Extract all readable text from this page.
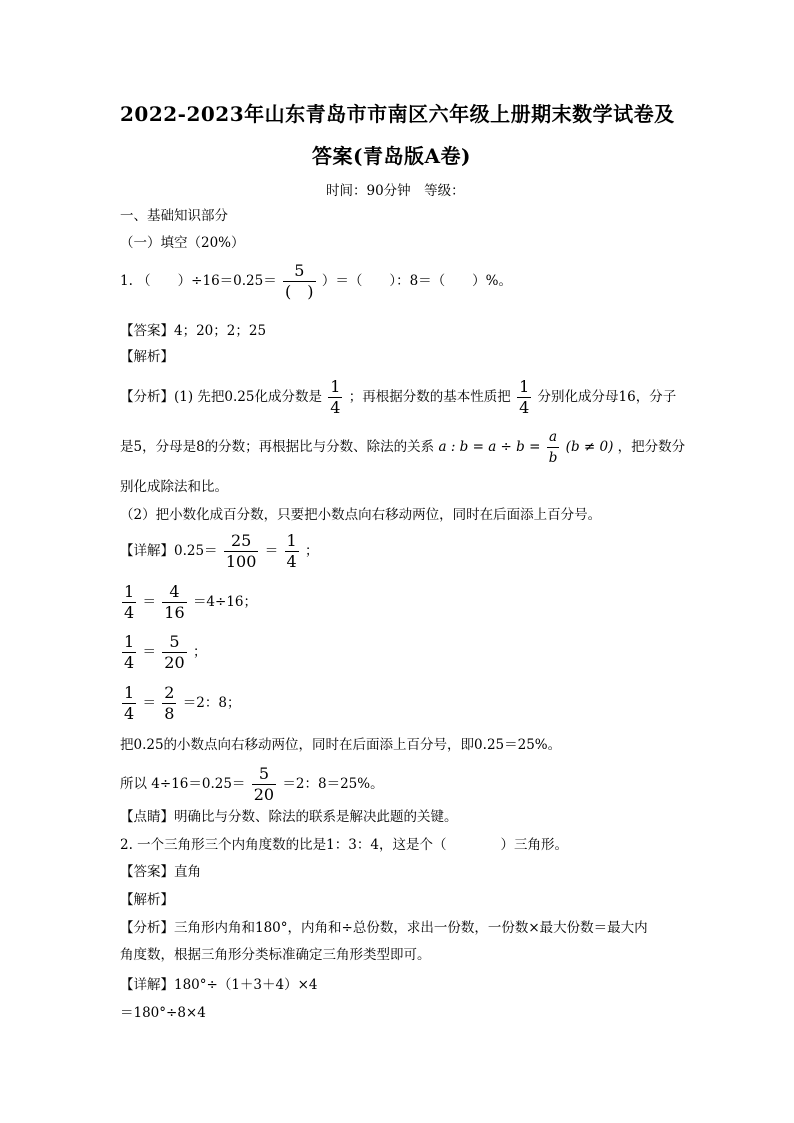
2022-2023年山东青岛市市南区六年级上册期末数学试卷及
答案(青岛版A卷)
时间：90分钟　等级：
一、基础知识部分
（一）填空（20%）
1. （　　）$\div 16=0.25= \frac{5}{( )}$ ）＝（　　）：8＝（　　）%。
【答案】4；20；2；25
【解析】
【分析】(1) 先把0.25化成分数是 $\frac{1}{4}$ ；再根据分数的基本性质把 $\frac{1}{4}$ 分别化成分母16，分子
是5，分母是8的分数；再根据比与分数、除法的关系 a : $b = a \div b = \frac{a}{b} (b \ne 0)$ ，把分数分
别化成除法和比。
（2）把小数化成百分数，只要把小数点向右移动两位，同时在后面添上百分号。
【详解】$0.25= \frac{25}{100} = \frac{1}{4}$ ；
$\frac{1}{4} = \frac{4}{16} =4\div 16$；
$\frac{1}{4} = \frac{5}{20}$ ；
$\frac{1}{4} = \frac{2}{8} =2$：8；
把0.25的小数点向右移动两位，同时在后面添上百分号，即0.25＝25%。
所以 $4\div 16=0.25= \frac{5}{20} =2$：8＝25%。
【点睛】明确比与分数、除法的联系是解决此题的关键。
2. 一个三角形三个内角度数的比是1：3：4，这是个（　　　　）三角形。
【答案】直角
【解析】
【分析】三角形内角和180°，内角和÷总份数，求出一份数，一份数×最大份数＝最大内
角度数，根据三角形分类标准确定三角形类型即可。
【详解】180°÷（1＋3＋4）×4
＝180°÷8×4
